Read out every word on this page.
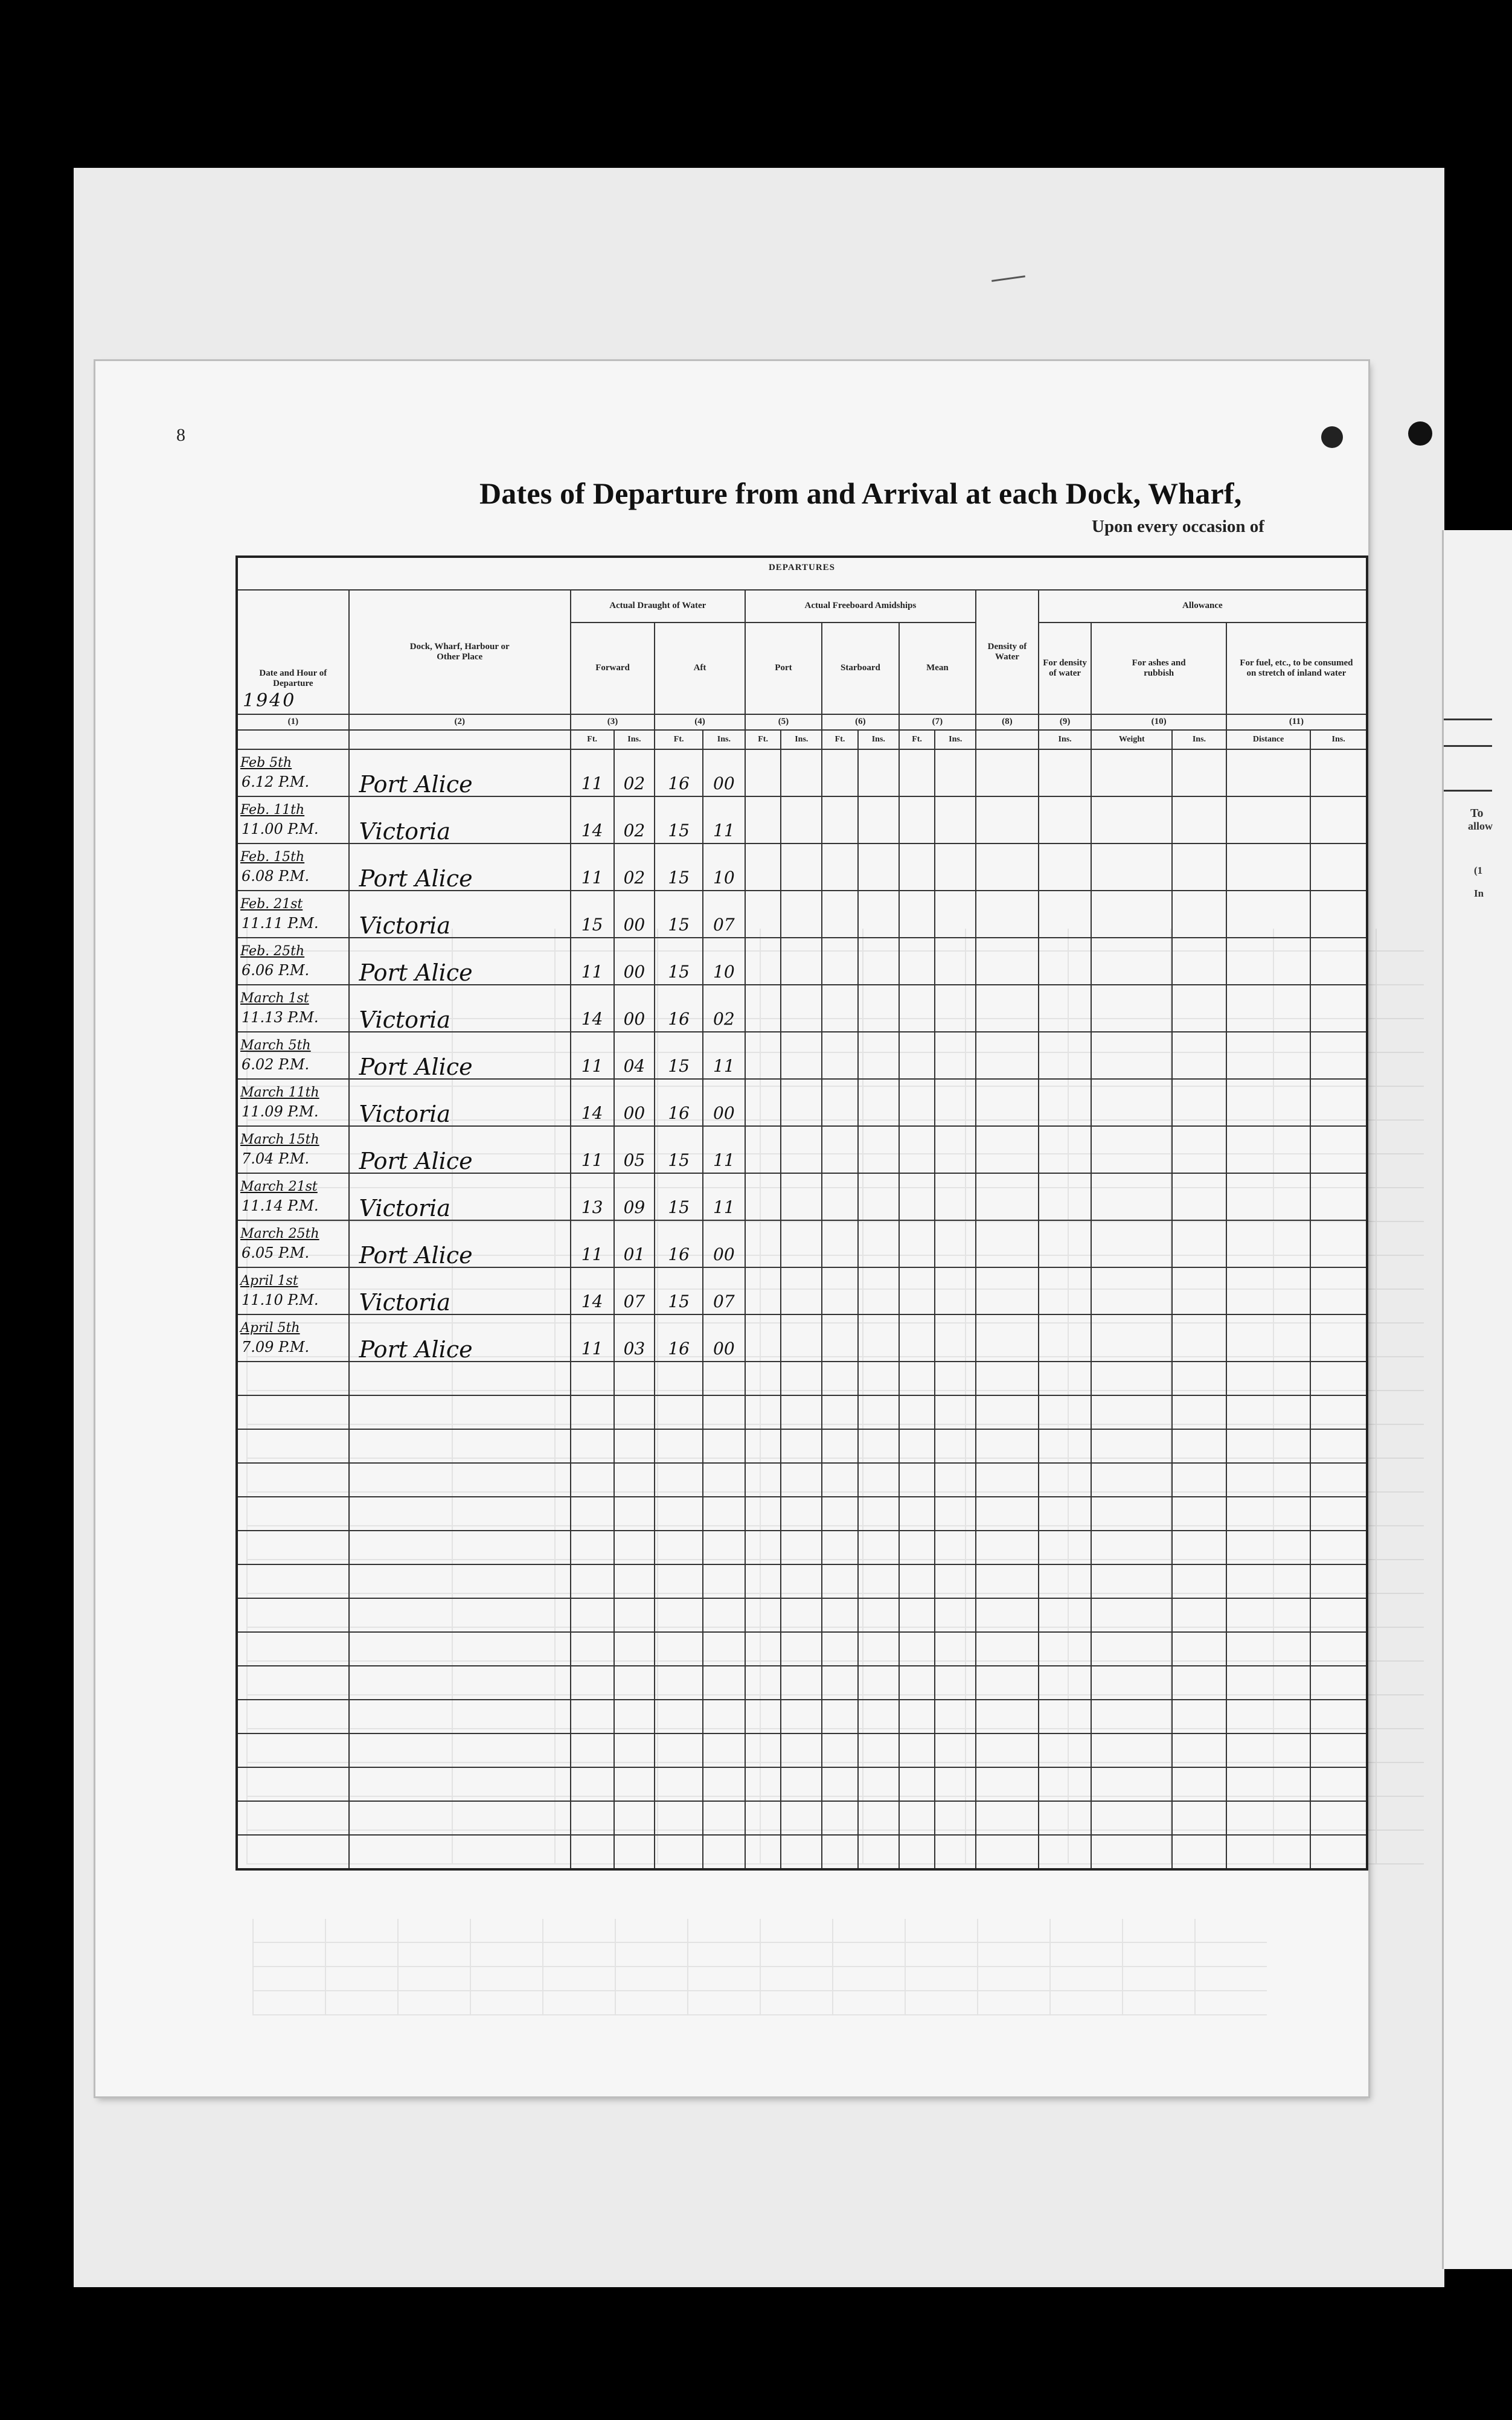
To
allow
(1
In
8
Dates of Departure from and Arrival at each Dock, Wharf,
Upon every occasion of
DEPARTURES																	

Date and Hour of Departure
1940	Dock, Wharf, Harbour or Other Place	Actual Draught of Water				Actual Freeboard Amidships						Density of Water	Allowance				
		Forward		Aft		Port		Starboard		Mean			For density of water	For ashes and rubbish		For fuel, etc., to be consumed on stretch of inland water	
(1)	(2)	(3)		(4)		(5)		(6)		(7)		(8)	(9)	(10)		(11)	
		Ft.	Ins.	Ft.	Ins.	Ft.	Ins.	Ft.	Ins.	Ft.	Ins.		Ins.	Weight	Ins.	Distance	Ins.

Feb 5th
6.12 P.M.	Port Alice	11	02	16	00												

Feb. 11th
11.00 P.M.	Victoria	14	02	15	11												

Feb. 15th
6.08 P.M.	Port Alice	11	02	15	10												

Feb. 21st
11.11 P.M.	Victoria	15	00	15	07												

Feb. 25th
6.06 P.M.	Port Alice	11	00	15	10												

March 1st
11.13 P.M.	Victoria	14	00	16	02												

March 5th
6.02 P.M.	Port Alice	11	04	15	11												

March 11th
11.09 P.M.	Victoria	14	00	16	00												

March 15th
7.04 P.M.	Port Alice	11	05	15	11												

March 21st
11.14 P.M.	Victoria	13	09	15	11												

March 25th
6.05 P.M.	Port Alice	11	01	16	00												

April 1st
11.10 P.M.	Victoria	14	07	15	07												

April 5th
7.09 P.M.	Port Alice	11	03	16	00												
